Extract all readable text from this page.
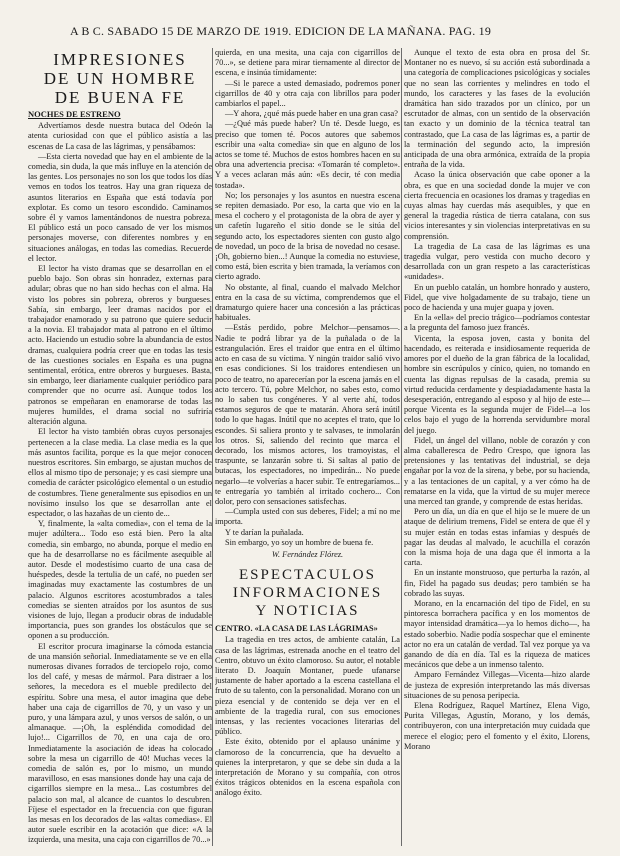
A B C. SABADO 15 DE MARZO DE 1919. EDICION DE LA MAÑANA. PAG. 19
IMPRESIONES
DE UN HOMBRE
DE BUENA FE
NOCHES DE ESTRENO

Advertíamos desde nuestra butaca del Odeón la atenta curiosidad con que el público asistía a las escenas de La casa de las lágrimas, y pensábamos:

—Esta cierta novedad que hay en el ambiente de la comedia, sin duda, la que más influye en la atención de las gentes. Los personajes no son los que todos los días vemos en todos los teatros. Hay una gran riqueza de asuntos literarios en España que está todavía por explotar. Es como un tesoro escondido. Caminamos sobre él y vamos lamentándonos de nuestra pobreza. El público está un poco cansado de ver los mismos personajes moverse, con diferentes nombres y en situaciones análogas, en todas las comedias. Recuerde el lector.

El lector ha visto dramas que se desarrollan en el pueblo bajo. Son obras sin honradez, externas para adular; obras que no han sido hechas con el alma. Ha visto los pobres sin pobreza, obreros y burgueses. Sabía, sin embargo, leer dramas nacidos por el trabajador enamorado y su patrono que quiere seducir a la novia. El trabajador mata al patrono en el último acto. Haciendo un estudio sobre la abundancia de estos dramas, cualquiera podría creer que en todas las tesis de las cuestiones sociales en España es una pugna sentimental, erótica, entre obreros y burgueses. Basta, sin embargo, leer diariamente cualquier periódico para comprender que no ocurre así. Aunque todos los patronos se empeñaran en enamorarse de todas las mujeres humildes, el drama social no sufriría alteración alguna.

El lector ha visto también obras cuyos personajes pertenecen a la clase media. La clase media es la que más asuntos facilita, porque es la que mejor conocen nuestros escritores. Sin embargo, se ajustan muchos de ellos al mismo tipo de personaje; y es casi siempre una comedia de carácter psicológico elemental o un estudio de costumbres. Tiene generalmente sus episodios en un novísimo insulso los que se desarrollan ante el espectador, o las hazañas de un ciento de...

Y, finalmente, la «alta comedia», con el tema de la mujer adúltera... Todo eso está bien. Pero la alta comedia, sin embargo, no abunda, porque el medio en que ha de desarrollarse no es fácilmente asequible al autor. Desde el modestísimo cuarto de una casa de huéspedes, desde la tertulia de un café, no pueden ser imaginadas muy exactamente las costumbres de un palacio. Algunos escritores acostumbrados a tales comedias se sienten atraídos por los asuntos de sus visiones de lujo, llegan a producir obras de indudable importancia, pues son grandes los obstáculos que se oponen a su producción.

El escritor procura imaginarse la cómoda estancia de una mansión señorial. Inmediatamente se ve en ella numerosas divanes forrados de terciopelo rojo, como los del café, y mesas de mármol. Para distraer a los señores, la mecedora es el mueble predilecto del espíritu. Sobre una mesa, el autor imagina que debe haber una caja de cigarrillos de 70, y un vaso y un puro, y una lámpara azul, y unos versos de salón, o un almanaque. —¡Oh, la espléndida comodidad del lujo!... Cigarrillos de 70, en una caja de oro. Inmediatamente la asociación de ideas ha colocado sobre la mesa un cigarrillo de 40! Muchas veces la comedia de salón es, por lo mismo, un mundo maravilloso, en esas mansiones donde hay una caja de cigarrillos siempre en la mesa... Las costumbres del palacio son mal, al alcance de cuantos lo descubren. Fíjese el espectador en la frecuencia con que figuran las mesas en los decorados de las «altas comedias». El autor suele escribir en la acotación que dice: «A la izquierda, una mesita, una caja con cigarrillos de 70...»

quierda, en una mesita, una caja con cigarrillos de 70...», se detiene para mirar tiernamente al director de escena, e insinúa tímidamente:

—Si le parece a usted demasiado, podremos poner cigarrillos de 40 y otra caja con librillos para poder cambiarlos el papel...

—Y ahora, ¿qué más puede haber en una gran casa?

—¿Qué más puede haber? Un té. Desde luego, es preciso que tomen té. Pocos autores que sabemos escribir una «alta comedia» sin que en alguno de los actos se tome té. Muchos de estos hombres hacen en su obra una advertencia precisa: «Tomarán té completo». Y a veces aclaran más aún: «Es decir, té con media tostada».

No; los personajes y los asuntos en nuestra escena se repiten demasiado. Por eso, la carta que vio en la mesa el cochero y el protagonista de la obra de ayer y un cafetín lugareño el sitio donde se le sitúa del segundo acto, los espectadores sienten con gusto algo de novedad, un poco de la brisa de novedad no cesase. ¡Oh, gobierno bien...! Aunque la comedia no estuviese, como está, bien escrita y bien tramada, la veríamos con cierto agrado.

No obstante, al final, cuando el malvado Melchor entra en la casa de su víctima, comprendemos que el dramaturgo quiere hacer una concesión a las prácticas habituales.

—Estás perdido, pobre Melchor—pensamos—. Nadie te podrá librar ya de la puñalada o de la estrangulación. Eres el traidor que entra en el último acto en casa de su víctima. Y ningún traidor salió vivo en esas condiciones. Si los traidores entendiesen un poco de teatro, no aparecerían por la escena jamás en el acto tercero. Tú, pobre Melchor, no sabes esto, como no lo saben tus congéneres. Y al verte ahí, todos estamos seguros de que te matarán. Ahora será inútil todo lo que hagas. Inútil que no aceptes el trato, que lo escondes. Si saliera pronto y te salvases, te inmolarán los otros. Sí, saliendo del recinto que marca el decorado, los mismos actores, los tramoyistas, el traspunte, se lanzarán sobre ti. Si saltas al patio de butacas, los espectadores, no impedirán... No puede negarlo—te volverías a hacer subir. Te entregaríamos... te entregaría yo también al irritado cochero... Con dolor, pero con sensaciones satisfechas.

—Cumpla usted con sus deberes, Fidel; a mí no me importa.

Y te darían la puñalada.

Sin embargo, yo soy un hombre de buena fe.

W. Fernández Flórez.

ESPECTACULOS
INFORMACIONES
Y NOTICIAS
CENTRO. «LA CASA DE LAS LÁGRIMAS»

La tragedia en tres actos, de ambiente catalán, La casa de las lágrimas, estrenada anoche en el teatro del Centro, obtuvo un éxito clamoroso. Su autor, el notable literato D. Joaquín Montaner, puede ufanarse justamente de haber aportado a la escena castellana el fruto de su talento, con la personalidad. Morano con un pieza esencial y de contenido se deja ver en el ambiente de la tragedia rural, con sus emociones intensas, y las recientes vocaciones literarias del público.

Este éxito, obtenido por el aplauso unánime y clamoroso de la concurrencia, que ha devuelto a quienes la interpretaron, y que se debe sin duda a la interpretación de Morano y su compañía, con otros éxitos trágicos obtenidos en la escena española con análogo éxito.

Aunque el texto de esta obra en prosa del Sr. Montaner no es nuevo, sí su acción está subordinada a una categoría de complicaciones psicológicas y sociales que no sean las corrientes y melindres en todo el mundo, los caracteres y las fases de la evolución dramática han sido trazados por un clínico, por un escrutador de almas, con un sentido de la observación tan exacto y un dominio de la técnica teatral tan contrastado, que La casa de las lágrimas es, a partir de la terminación del segundo acto, la impresión anticipada de una obra armónica, extraída de la propia entraña de la vida.

Acaso la única observación que cabe oponer a la obra, es que en una sociedad donde la mujer ve con cierta frecuencia en ocasiones los dramas y tragedias en cuyas almas hay cuerdas más asequibles, y que en general la tragedia rústica de tierra catalana, con sus vicios interesantes y sin violencias interpretativas en su comprensión.

La tragedia de La casa de las lágrimas es una tragedia vulgar, pero vestida con mucho decoro y desarrollada con un gran respeto a las características «unidades».

En un pueblo catalán, un hombre honrado y austero, Fidel, que vive holgadamente de su trabajo, tiene un poco de hacienda y una mujer guapa y joven.

En la «ella» del precio trágico—podríamos contestar a la pregunta del famoso juez francés.

Vicenta, la esposa joven, casta y bonita del hacendado, es reiterada e insidiosamente requerida de amores por el dueño de la gran fábrica de la localidad, hombre sin escrúpulos y cínico, quien, no tomando en cuenta las dignas repulsas de la casada, premia su virtud reducida cerdamente y despiadadamente hasta la desesperación, entregando al esposo y al hijo de este—porque Vicenta es la segunda mujer de Fidel—a los celos bajo el yugo de la horrenda servidumbre moral del juego.

Fidel, un ángel del villano, noble de corazón y con alma caballeresca de Pedro Crespo, que ignora las pretensiones y las tentativas del industrial, se deja engañar por la voz de la sirena, y bebe, por su hacienda, y a las tentaciones de un capital, y a ver cómo ha de rematarse en la vida, que la virtud de su mujer merece una merced tan grande, y comprende de estas heridas.

Pero un día, un día en que el hijo se le muere de un ataque de delirium tremens, Fidel se entera de que él y su mujer están en todas estas infamias y después de pagar las deudas al malvado, le acuchilla el corazón con la misma hoja de una daga que él inmorta a la carta.

En un instante monstruoso, que perturba la razón, al fin, Fidel ha pagado sus deudas; pero también se ha cobrado las suyas.

Morano, en la encarnación del tipo de Fidel, en su pintoresca borrachera pacífica y en los momentos de mayor intensidad dramática—ya lo hemos dicho—, ha estado soberbio. Nadie podía sospechar que el eminente actor no era un catalán de verdad. Tal vez porque ya va ganando de día en día. Tal es la riqueza de matices mecánicos que debe a un inmenso talento.

Amparo Fernández Villegas—Vicenta—hizo alarde de justeza de expresión interpretando las más diversas situaciones de su penosa peripecia.

Elena Rodríguez, Raquel Martínez, Elena Vigo, Purita Villegas, Agustín, Morano, y los demás, contribuyeron, con una interpretación muy cuidada que merece el elogio; pero el fomento y el éxito, Llorens, Morano
